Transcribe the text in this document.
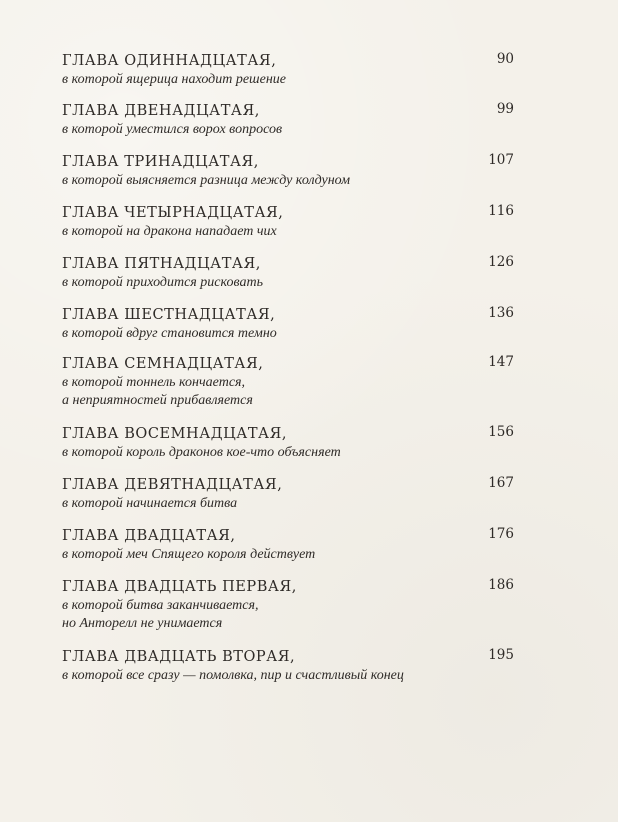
ГЛАВА ОДИННАДЦАТАЯ,
в которой ящерица находит решение
90
ГЛАВА ДВЕНАДЦАТАЯ,
в которой уместился ворох вопросов
99
ГЛАВА ТРИНАДЦАТАЯ,
в которой выясняется разница между колдуном
107
ГЛАВА ЧЕТЫРНАДЦАТАЯ,
в которой на дракона нападает чих
116
ГЛАВА ПЯТНАДЦАТАЯ,
в которой приходится рисковать
126
ГЛАВА ШЕСТНАДЦАТАЯ,
в которой вдруг становится темно
136
ГЛАВА СЕМНАДЦАТАЯ,
в которой тоннель кончается,
а неприятностей прибавляется
147
ГЛАВА ВОСЕМНАДЦАТАЯ,
в которой король драконов кое-что объясняет
156
ГЛАВА ДЕВЯТНАДЦАТАЯ,
в которой начинается битва
167
ГЛАВА ДВАДЦАТАЯ,
в которой меч Спящего короля действует
176
ГЛАВА ДВАДЦАТЬ ПЕРВАЯ,
в которой битва заканчивается,
но Анторелл не унимается
186
ГЛАВА ДВАДЦАТЬ ВТОРАЯ,
в которой все сразу — помолвка, пир и счастливый конец
195
